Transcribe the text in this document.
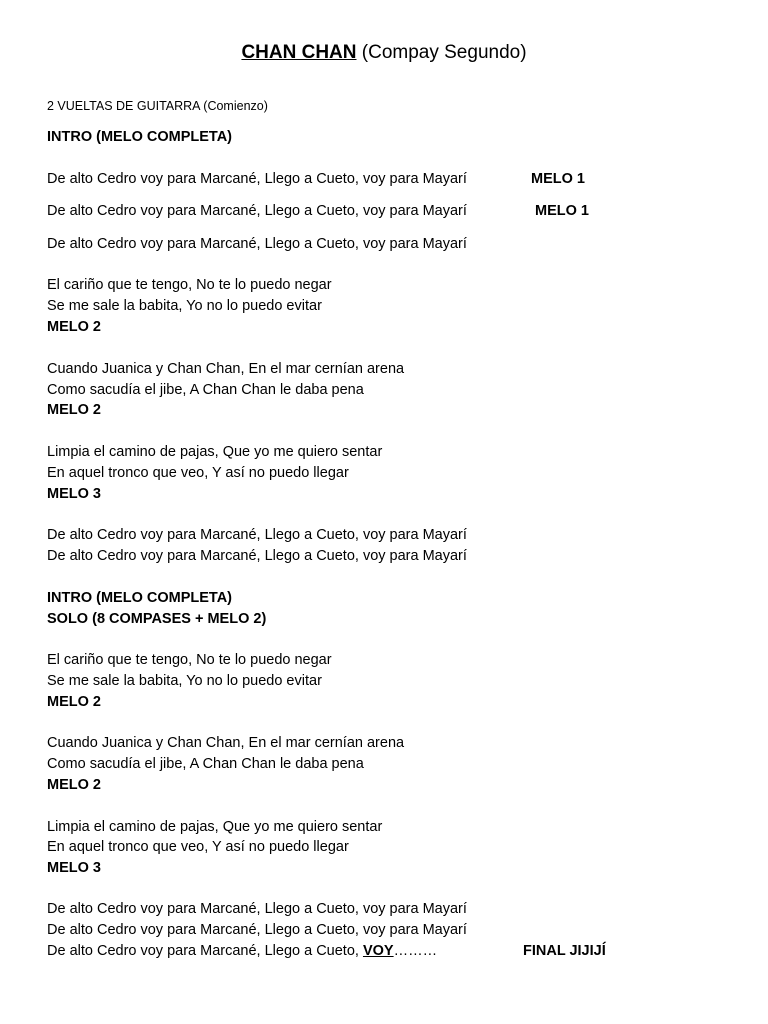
CHAN CHAN (Compay Segundo)
2 VUELTAS DE GUITARRA (Comienzo)
INTRO (MELO COMPLETA)
De alto Cedro voy para Marcané, Llego a Cueto, voy para Mayarí	MELO 1
De alto Cedro voy para Marcané, Llego a Cueto, voy para Mayarí	MELO 1
De alto Cedro voy para Marcané, Llego a Cueto, voy para Mayarí
El cariño que te tengo, No te lo puedo negar
Se me sale la babita, Yo no lo puedo evitar
MELO 2
Cuando Juanica y Chan Chan, En el mar cernían arena
Como sacudía el jibe, A Chan Chan le daba pena
MELO 2
Limpia el camino de pajas, Que yo me quiero sentar
En aquel tronco que veo, Y así no puedo llegar
MELO 3
De alto Cedro voy para Marcané, Llego a Cueto, voy para Mayarí
De alto Cedro voy para Marcané, Llego a Cueto, voy para Mayarí
INTRO (MELO COMPLETA)
SOLO (8 COMPASES + MELO 2)
El cariño que te tengo, No te lo puedo negar
Se me sale la babita, Yo no lo puedo evitar
MELO 2
Cuando Juanica y Chan Chan, En el mar cernían arena
Como sacudía el jibe, A Chan Chan le daba pena
MELO 2
Limpia el camino de pajas, Que yo me quiero sentar
En aquel tronco que veo, Y así no puedo llegar
MELO 3
De alto Cedro voy para Marcané, Llego a Cueto, voy para Mayarí
De alto Cedro voy para Marcané, Llego a Cueto, voy para Mayarí
De alto Cedro voy para Marcané, Llego a Cueto, VOY………	FINAL JIJIJÍ
